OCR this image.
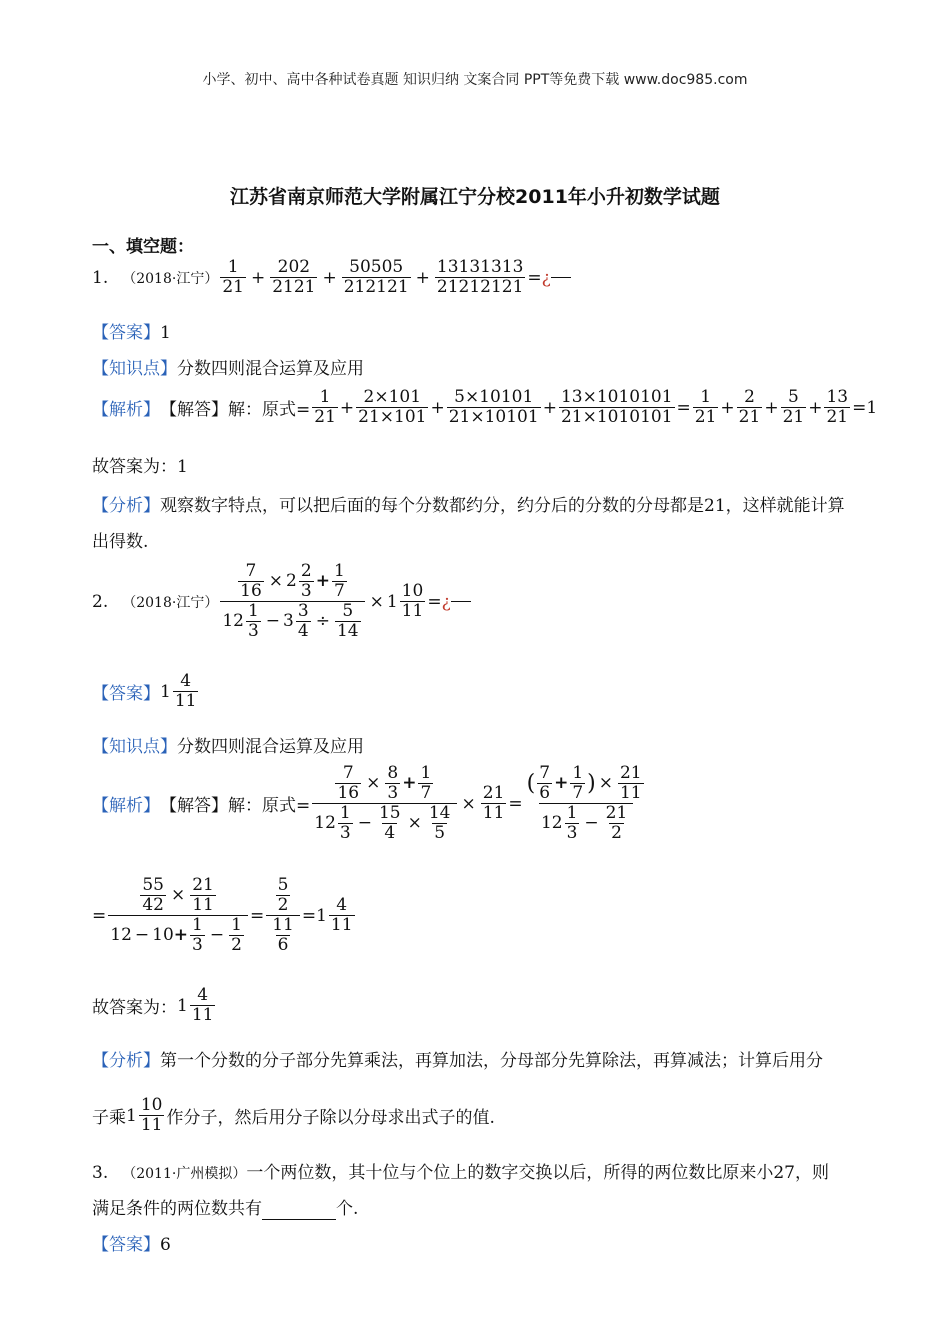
小学、初中、高中各种试卷真题 知识归纳 文案合同 PPT等免费下载 www.doc985.com
江苏省南京师范大学附属江宁分校2011年小升初数学试题
一、填空题：
1. （2018·江宁） $\frac{1}{21} + \frac{202}{2121} + \frac{50505}{212121} + \frac{13131313}{21212121}$ = ¿
【答案】1
【知识点】分数四则混合运算及应用
【解析】 【解答】 解：原式= $\frac{1}{21} + \frac{2\times 101}{21\times 101} + \frac{5\times 10101}{21\times 10101} + \frac{13\times 1010101}{21\times 1010101} = \frac{1}{21} + \frac{2}{21} + \frac{5}{21} + \frac{13}{21} = 1$
故答案为：1
【分析】观察数字特点，可以把后面的每个分数都约分，约分后的分数的分母都是21，这样就能计算出得数.
2. （2018·江宁） $\frac{7}{16} \times 2 \frac{2}{3} + \frac{1}{7}$
12 1
$3 - 3 \frac{3}{4} \div \frac{5}{14} \times 1 \frac{10}{11}$ = ¿
【答案】 1
4
11
【知识点】分数四则混合运算及应用
【解析】 【解答】 解：原式= $\frac{7}{16} \times \frac{8}{3} + \frac{1}{7}$
12 1
$3 - \frac{15}{4} \times \frac{14}{5} \times \frac{21}{11}$ =
( 7
$6 + \frac{1}{7}$ ) × $\frac{21}{11}$
12 1
$3 - \frac{21}{2}$
=
$\frac{55}{42} \times \frac{21}{11}$
$12 - 10 + \frac{1}{3} - \frac{1}{2}$
=
5
2
11
6
=1
4
11
故答案为： 1
4
11
【分析】第一个分数的分子部分先算乘法，再算加法，分母部分先算除法，再算减法；计算后用分
子乘 1
10
11 作分子，然后用分子除以分母求出式子的值.
3. （2011·广州模拟）一个两位数，其十位与个位上的数字交换以后，所得的两位数比原来小27，则
满足条件的两位数共有	个.
【答案】6
